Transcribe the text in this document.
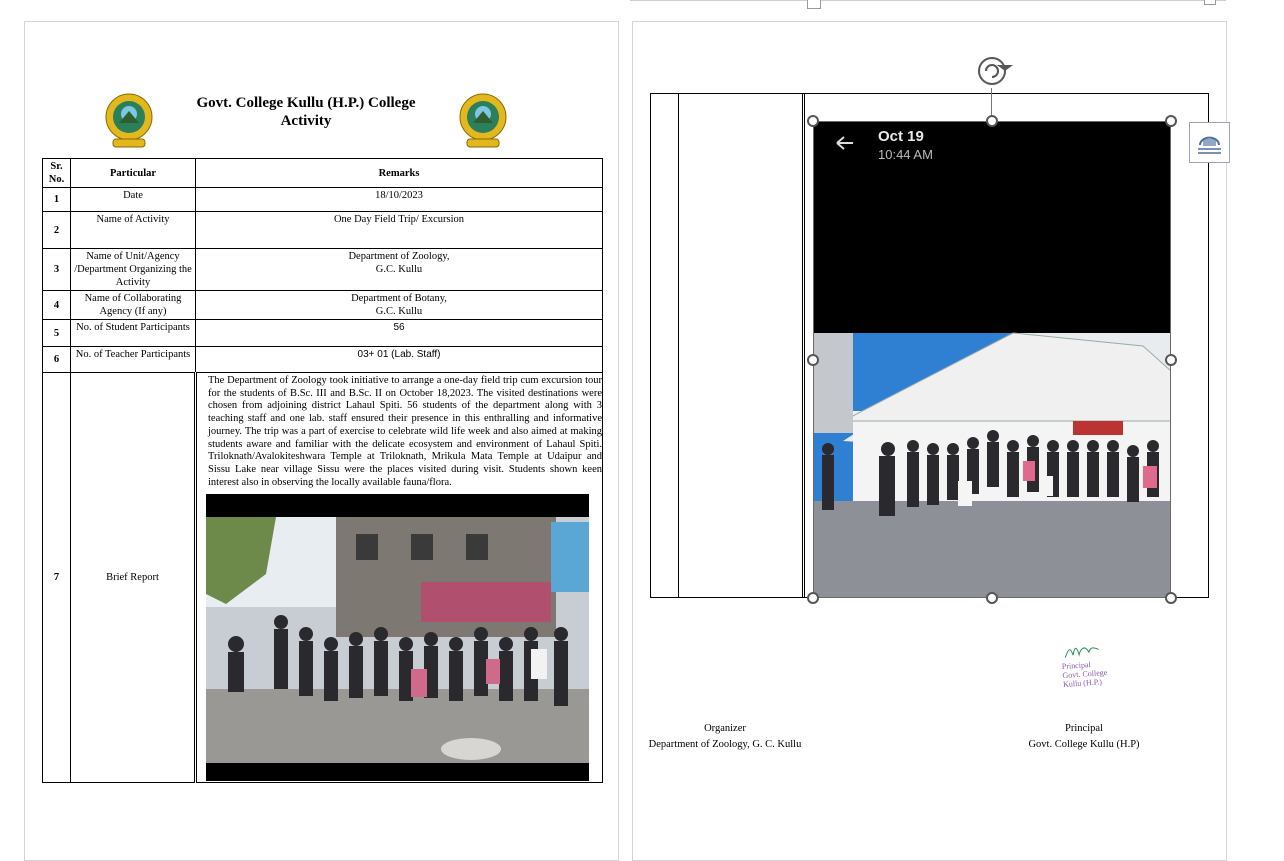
Govt. College Kullu (H.P.) College
Activity
Sr. No.	Particular	Remarks
1	Date	18/10/2023
2	Name of Activity	One Day Field Trip/ Excursion
3	Name of Unit/Agency /Department Organizing the Activity	Department of Zoology,
G.C. Kullu

4	Name of Collaborating Agency (If any)	Department of Botany,
G.C. Kullu

5	No. of Student Participants	56
6	No. of Teacher Participants	03+ 01 (Lab. Staff)
7	Brief Report	The Department of Zoology took initiative to arrange a one-day field trip cum excursion tour for the students of B.Sc. III and B.Sc. II on October 18,2023. The visited destinations were chosen from adjoining district Lahaul Spiti. 56 students of the department along with 3 teaching staff and one lab. staff ensured their presence in this enthralling and informative journey. The trip was a part of exercise to celebrate wild life week and also aimed at making students aware and familiar with the delicate ecosystem and environment of Lahaul Spiti. Triloknath/Avalokiteshwara Temple at Triloknath, Mrikula Mata Temple at Udaipur and Sissu Lake near village Sissu were the places visited during visit. Students shown keen interest also in observing the locally available fauna/flora.
Oct 19
10:44 AM
Principal
Govt. College
Kullu (H.P.)
Organizer
Department of Zoology, G. C. Kullu
Principal
Govt. College Kullu (H.P)
